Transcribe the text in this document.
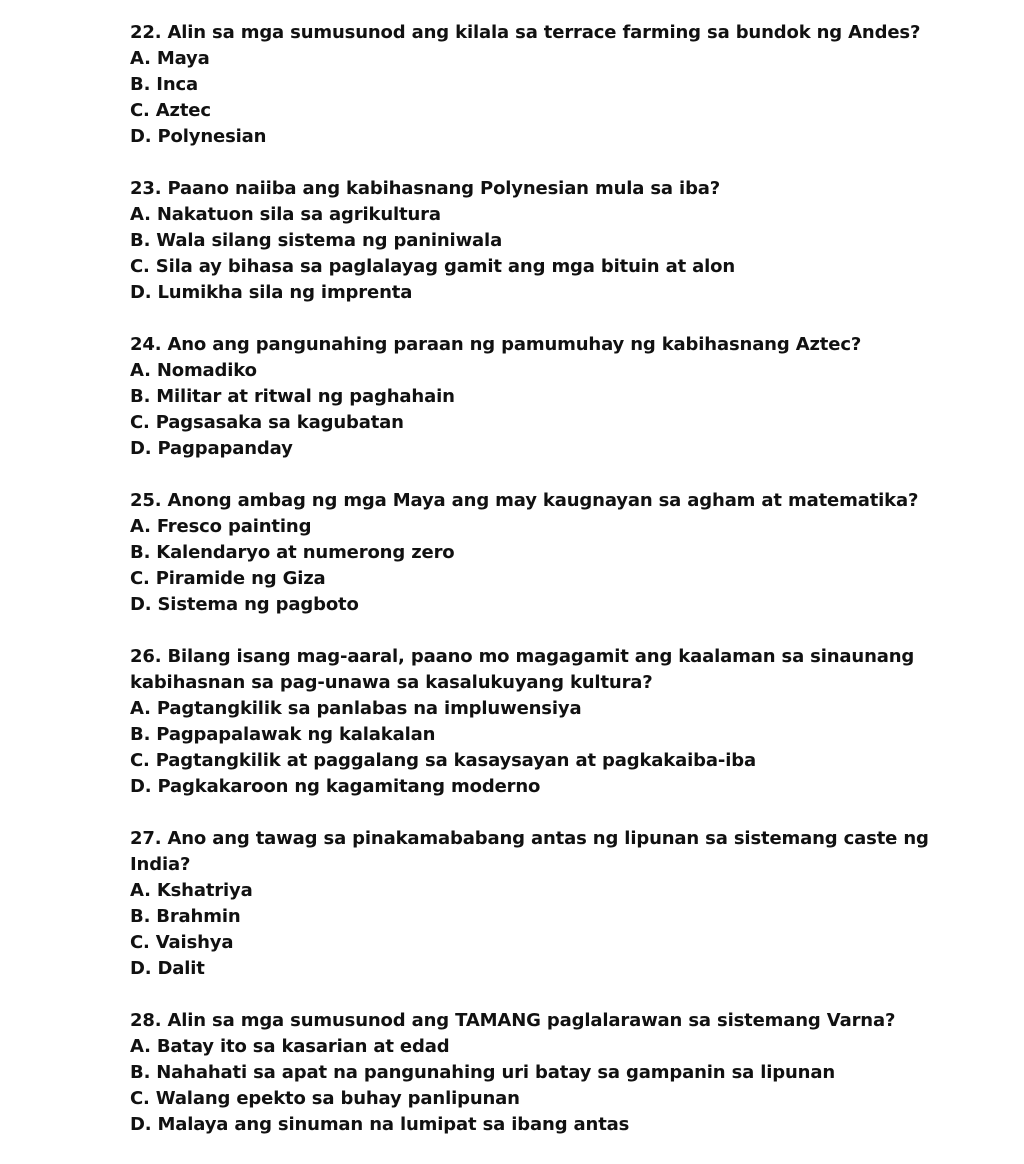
22. Alin sa mga sumusunod ang kilala sa terrace farming sa bundok ng Andes?
A. Maya
B. Inca
C. Aztec
D. Polynesian
23. Paano naiiba ang kabihasnang Polynesian mula sa iba?
A. Nakatuon sila sa agrikultura
B. Wala silang sistema ng paniniwala
C. Sila ay bihasa sa paglalayag gamit ang mga bituin at alon
D. Lumikha sila ng imprenta
24. Ano ang pangunahing paraan ng pamumuhay ng kabihasnang Aztec?
A. Nomadiko
B. Militar at ritwal ng paghahain
C. Pagsasaka sa kagubatan
D. Pagpapanday
25. Anong ambag ng mga Maya ang may kaugnayan sa agham at matematika?
A. Fresco painting
B. Kalendaryo at numerong zero
C. Piramide ng Giza
D. Sistema ng pagboto
26. Bilang isang mag-aaral, paano mo magagamit ang kaalaman sa sinaunang kabihasnan sa pag-unawa sa kasalukuyang kultura?
A. Pagtangkilik sa panlabas na impluwensiya
B. Pagpapalawak ng kalakalan
C. Pagtangkilik at paggalang sa kasaysayan at pagkakaiba-iba
D. Pagkakaroon ng kagamitang moderno
27. Ano ang tawag sa pinakamababang antas ng lipunan sa sistemang caste ng India?
A. Kshatriya
B. Brahmin
C. Vaishya
D. Dalit
28. Alin sa mga sumusunod ang TAMANG paglalarawan sa sistemang Varna?
A. Batay ito sa kasarian at edad
B. Nahahati sa apat na pangunahing uri batay sa gampanin sa lipunan
C. Walang epekto sa buhay panlipunan
D. Malaya ang sinuman na lumipat sa ibang antas
